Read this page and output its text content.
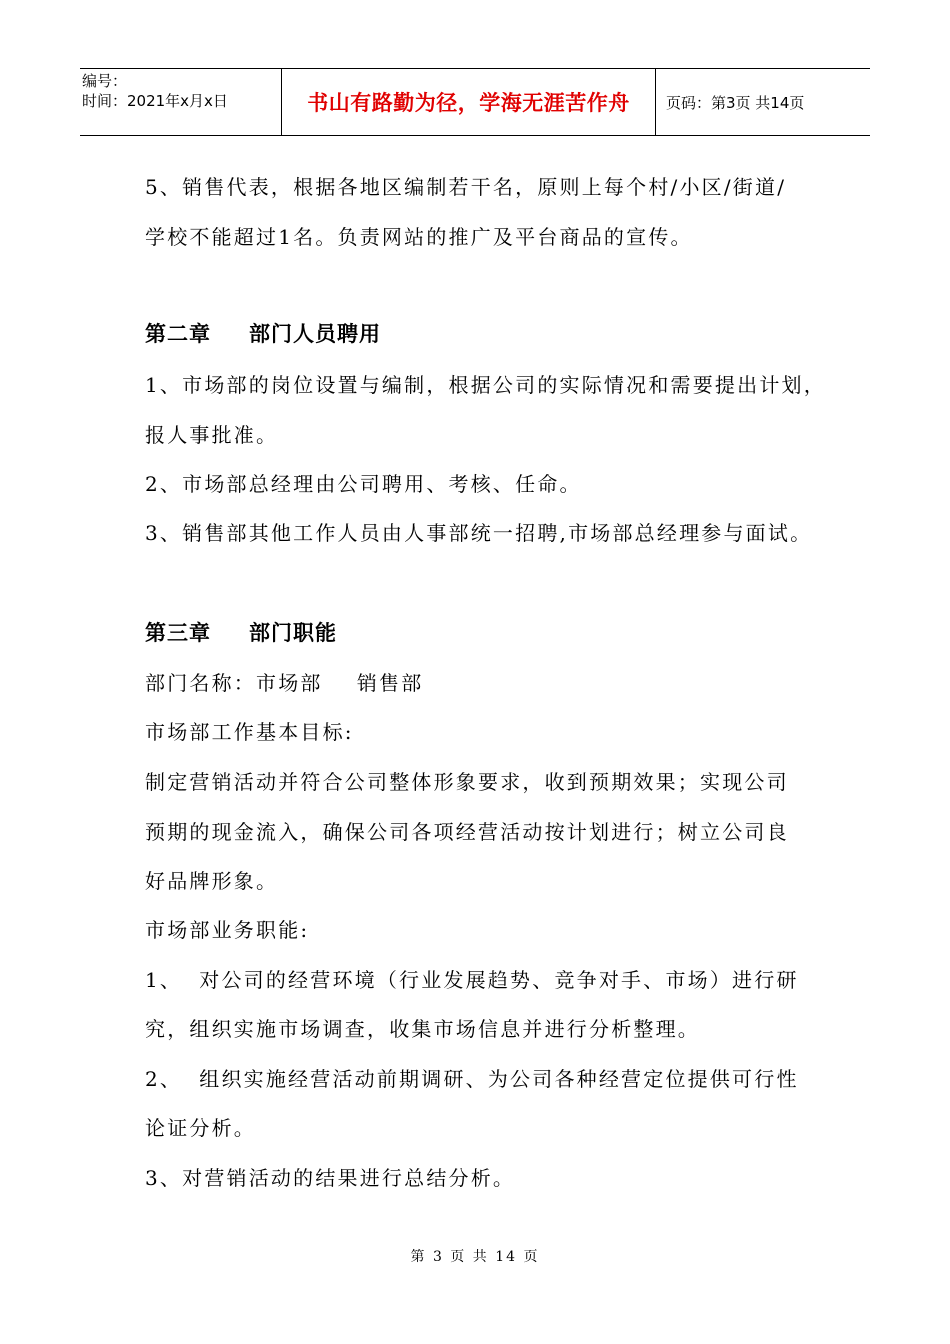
编号：
时间：2021年x月x日	书山有路勤为径，学海无涯苦作舟	页码：第3页 共14页
5、销售代表，根据各地区编制若干名，原则上每个村/小区/街道/
学校不能超过1名。负责网站的推广及平台商品的宣传。
第二章 部门人员聘用
1、市场部的岗位设置与编制，根据公司的实际情况和需要提出计划，
报人事批准。
2、市场部总经理由公司聘用、考核、任命。
3、销售部其他工作人员由人事部统一招聘,市场部总经理参与面试。
第三章 部门职能
部门名称：市场部    销售部
市场部工作基本目标:
制定营销活动并符合公司整体形象要求，收到预期效果；实现公司
预期的现金流入，确保公司各项经营活动按计划进行；树立公司良
好品牌形象。
市场部业务职能:
1、  对公司的经营环境（行业发展趋势、竞争对手、市场）进行研
究，组织实施市场调查，收集市场信息并进行分析整理。
2、  组织实施经营活动前期调研、为公司各种经营定位提供可行性
论证分析。
3、对营销活动的结果进行总结分析。
第 3 页 共 14 页
